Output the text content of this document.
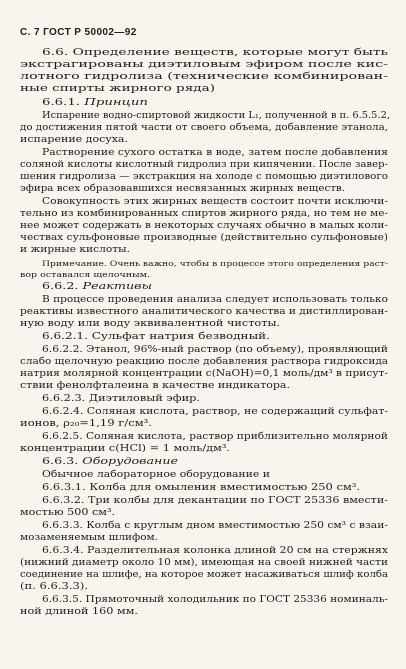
С. 7 ГОСТ Р 50002—92
6.6. Определение веществ, которые могут быть
экстрагированы диэтиловым эфиром после кис-
лотного гидролиза (технические комбинирован-
ные спирты жирного ряда)
6.6.1. Принцип
Испарение водно-спиртовой жидкости L₁, полученной в п. 6.5.5.2,
до достижения пятой части от своего объема, добавление этанола,
испарение досуха.
Растворение сухого остатка в воде, затем после добавления
соляной кислоты кислотный гидролиз при кипячении. После завер-
шения гидролиза — экстракция на холоде с помощью диэтилового
эфира всех образовавшихся несвязанных жирных веществ.
Совокупность этих жирных веществ состоит почти исключи-
тельно из комбинированных спиртов жирного ряда, но тем не ме-
нее может содержать в некоторых случаях обычно в малых коли-
чествах сульфоновые производные (действительно сульфоновые)
и жирные кислоты.
Примечание. Очень важно, чтобы в процессе этого определения раст-
вор оставался щелочным.
6.6.2. Реактивы
В процессе проведения анализа следует использовать только
реактивы известного аналитического качества и дистиллирован-
ную воду или воду эквивалентной чистоты.
6.6.2.1. Сульфат натрия безводный.
6.6.2.2. Этанол, 96%-ный раствор (по объему), проявляющий
слабо щелочную реакцию после добавления раствора гидроксида
натрия молярной концентрации c(NaOH)=0,1 моль/дм³ в присут-
ствии фенолфталеина в качестве индикатора.
6.6.2.3. Диэтиловый эфир.
6.6.2.4. Соляная кислота, раствор, не содержащий сульфат-
ионов, ρ₂₀=1,19 г/см³.
6.6.2.5. Соляная кислота, раствор приблизительно молярной
концентрации c(HCl) = 1 моль/дм³.
6.6.3. Оборудование
Обычное лабораторное оборудование и
6.6.3.1. Колба для омыления вместимостью 250 см³.
6.6.3.2. Три колбы для декантации по ГОСТ 25336 вмести-
мостью 500 см³.
6.6.3.3. Колба с круглым дном вместимостью 250 см³ с взаи-
мозаменяемым шлифом.
6.6.3.4. Разделительная колонка длиной 20 см на стержнях
(нижний диаметр около 10 мм), имеющая на своей нижней части
соединение на шлифе, на которое может насаживаться шлиф колба
(п. 6.6.3.3).
6.6.3.5. Прямоточный холодильник по ГОСТ 25336 номиналь-
ной длиной 160 мм.
